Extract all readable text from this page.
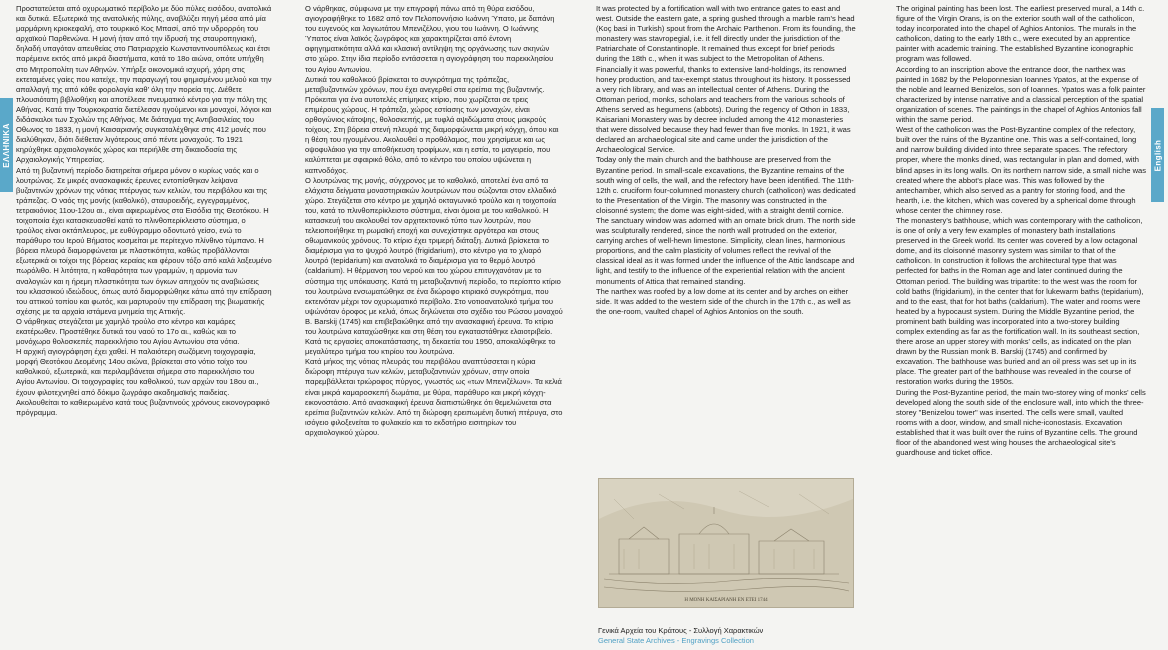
ΕΛΛΗΝΙΚΑ

Προστατεύεται από οχυρωματικό περίβολο με δύο πύλες εισόδου, ανατολικά και δυτικά. Εξωτερικά της ανατολικής πύλης, αναβλύζει πηγή μέσα από μία μαρμάρινη κριοκεφαλή, στο τουρκικό Κος Μπασί, από την υδρορρόη του αρχαϊκού Παρθενώνα. Η μονή ήταν από την ίδρυσή της σταυροπηγιακή, δηλαδή υπαγόταν απευθείας στο Πατριαρχείο Κωνσταντινουπόλεως και έτσι παρέμεινε εκτός από μικρά διαστήματα, κατά το 18ο αιώνα, οπότε υπήχθη στο Μητροπολίτη των Αθηνών. Υπήρξε οικονομικά ισχυρή, χάρη στις εκτεταμένες γαίες που κατείχε, την παραγωγή του φημισμένου μελιού και την απαλλαγή της από κάθε φορολογία καθ' όλη την πορεία της. Διέθετε πλουσιότατη βιβλιοθήκη και αποτέλεσε πνευματικό κέντρο για την πόλη της Αθήνας. Κατά την Τουρκοκρατία διετέλεσαν ηγούμενοι και μοναχοί, λόγιοι και διδάσκαλοι των Σχολών της Αθήνας. Με διάταγμα της Αντιβασιλείας του Οθωνος το 1833, η μονή Καισαριανής συγκαταλέχθηκε στις 412 μονές που διαλύθηκαν, διότι διέθεταν λιγότερους από πέντε μοναχούς. Το 1921 κηρύχθηκε αρχαιολογικός χώρος και περιήλθε στη δικαιοδοσία της Αρχαιολογικής Υπηρεσίας.

Από τη βυζαντινή περίοδο διατηρείται σήμερα μόνον ο κυρίως ναός και ο λουτρώνας. Σε μικρές ανασκαφικές έρευνες εντοπίσθηκαν λείψανα βυζαντινών χρόνων της νότιας πτέρυγας των κελιών, του περιβόλου και της τράπεζας. Ο ναός της μονής (καθολικό), σταυροειδής, εγγεγραμμένος, τετρακιόνιος 11ου-12ου αι., είναι αφιερωμένος στα Εισόδια της Θεοτόκου. Η τοιχοποιία έχει κατασκευασθεί κατά το πλινθοπερίκλειστο σύστημα, ο τρούλος είναι οκτάπλευρος, με ευθύγραμμο οδοντωτό γείσο, ενώ το παράθυρο του Ιερού Βήματος κοσμείται με περίτεχνο πλίνθινο τύμπανο. Η βόρεια πλευρά διαμορφώνεται με πλαστικότητα, καθώς προβάλλονται εξωτερικά οι τοίχοι της βόρειας κεραίας και φέρουν τόξο από καλά λαξευμένο πωρόλιθο. Η λιτότητα, η καθαρότητα των γραμμών, η αρμονία των αναλογιών και η ήρεμη πλαστικότητα των όγκων απηχούν τις αναβιώσεις του κλασσικού ιδεώδους, όπως αυτό διαμορφώθηκε κάτω από την επίδραση του αττικού τοπίου και φωτός, και μαρτυρούν την επίδραση της βιωματικής σχέσης με τα αρχαία ιστάμενα μνημεία της Αττικής.

Ο νάρθηκας στεγάζεται με χαμηλό τρούλο στο κέντρο και καμάρες εκατέρωθεν. Προστέθηκε δυτικά του ναού το 17ο αι., καθώς και το μονόχωρο θολοσκεπές παρεκκλήσιο του Αγίου Αντωνίου στα νότια.

Η αρχική αγιογράφηση έχει χαθεί. Η παλαιότερη σωζόμενη τοιχογραφία, μορφή Θεοτόκου Δεομένης 14ου αιώνα, βρίσκεται στο νότιο τοίχο του καθολικού, εξωτερικά, και περιλαμβάνεται σήμερα στο παρεκκλήσιο του Αγίου Αντωνίου. Οι τοιχογραφίες του καθολικού, των αρχών του 18ου αι., έχουν φιλοτεχνηθεί από δόκιμο ζωγράφο ακαδημαϊκής παιδείας. Ακολουθείται το καθιερωμένο κατά τους βυζαντινούς χρόνους εικονογραφικό πρόγραμμα.

Ο νάρθηκας, σύμφωνα με την επιγραφή πάνω από τη θύρα εισόδου, αγιογραφήθηκε το 1682 από τον Πελοποννήσιο Ιωάννη Ύπατο, με δαπάνη του ευγενούς και λογιωτάτου Μπενιζέλου, γιου του Ιωάννη. Ο Ιωάννης Ύπατος είναι λαϊκός ζωγράφος και χαρακτηρίζεται από έντονη αφηγηματικότητα αλλά και κλασική αντίληψη της οργάνωσης των σκηνών στο χώρο. Στην ίδια περίοδο εντάσσεται η αγιογράφηση του παρεκκλησίου του Αγίου Αντωνίου.

Δυτικά του καθολικού βρίσκεται το συγκρότημα της τράπεζας, μεταβυζαντινών χρόνων, που έχει ανεγερθεί στα ερείπια της βυζαντινής. Πρόκειται για ένα αυτοτελές επίμηκες κτίριο, που χωρίζεται σε τρεις επιμέρους χώρους. Η τράπεζα, χώρος εστίασης των μοναχών, είναι ορθογώνιος κάτοψης, θολοσκεπής, με τυφλά αψιδώματα στους μακρούς τοίχους. Στη βόρεια στενή πλευρά της διαμορφώνεται μικρή κόγχη, όπου και η θέση του ηγουμένου. Ακολουθεί ο προθάλαμος, που χρησίμευε και ως οψοφυλάκιο για την αποθήκευση τροφίμων, και η εστία, το μαγειρείο, που καλύπτεται με σφαιρικό θόλο, από το κέντρο του οποίου υψώνεται η καπνοδόχος.

Ο λουτρώνας της μονής, σύγχρονος με το καθολικό, αποτελεί ένα από τα ελάχιστα δείγματα μοναστηριακών λουτρώνων που σώζονται στον ελλαδικό χώρο. Στεγάζεται στο κέντρο με χαμηλό οκταγωνικό τρούλο και η τοιχοποιία του, κατά το πλινθοπερίκλειστο σύστημα, είναι όμοια με του καθολικού. Η κατασκευή του ακολουθεί τον αρχιτεκτονικό τύπο των λουτρών, που τελειοποιήθηκε τη ρωμαϊκή εποχή και συνεχίστηκε αργότερα και στους οθωμανικούς χρόνους. Το κτίριο έχει τριμερή διάταξη. Δυτικά βρίσκεται το διαμέρισμα για το ψυχρό λουτρό (frigidarium), στο κέντρο για το χλιαρό λουτρό (tepidarium) και ανατολικά το διαμέρισμα για το θερμό λουτρό (caldarium). Η θέρμανση του νερού και του χώρου επιτυγχανόταν με το σύστημα της υπόκαυσης. Κατά τη μεταβυζαντινή περίοδο, το περίοπτο κτίριο του λουτρώνα ενσωματώθηκε σε ένα διώροφο κτιριακό συγκρότημα, που εκτεινόταν μέχρι τον οχυρωματικό περίβολο. Στο νοτιοανατολικό τμήμα του υψώνόταν όροφος με κελιά, όπως δηλώνεται στο σχέδιο του Ρώσου μοναχού B. Barskij (1745) και επιβεβαιώθηκε από την ανασκαφική έρευνα. Το κτίριο του λουτρώνα καταχώσθηκε και στη θέση του εγκαταστάθηκε ελαιοτριβείο. Κατά τις εργασίες αποκατάστασης, τη δεκαετία του 1950, αποκαλύφθηκε το μεγαλύτερο τμήμα του κτιρίου του λουτρώνα.

Κατά μήκος της νότιας πλευράς του περιβόλου αναπτύσσεται η κύρια διώροφη πτέρυγα των κελιών, μεταβυζαντινών χρόνων, στην οποία παρεμβάλλεται τριώροφος πύργος, γνωστός ως «των Μπενιζέλων». Τα κελιά είναι μικρά καμαροσκεπή δωμάτια, με θύρα, παράθυρο και μικρή κόγχη-εικονοστάσιο. Από ανασκαφική έρευνα διαπιστώθηκε ότι θεμελιώνεται στα ερείπια βυζαντινών κελιών. Από τη διώροφη ερειπωμένη δυτική πτέρυγα, στο ισόγειο φιλοξενείται το φυλακείο και το εκδοτήριο εισιτηρίων του αρχαιολογικού χώρου.

It was protected by a fortification wall with two entrance gates to east and west. Outside the eastern gate, a spring gushed through a marble ram's head (Koç basi in Turkish) spout from the Archaic Parthenon. From its founding, the monastery was stavropegial, i.e. it fell directly under the jurisdiction of the Patriarchate of Constantinople. It remained thus except for brief periods during the 18th c., when it was subject to the Metropolitan of Athens. Financially it was powerful, thanks to extensive land-holdings, its renowned honey production, and tax-exempt status throughout its history. It possessed a very rich library, and was an intellectual center of Athens. During the Ottoman period, monks, scholars and teachers from the various schools of Athens served as hegumens (abbots). During the regency of Othon in 1833, Kaisariani Monastery was by decree included among the 412 monasteries that were dissolved because they had fewer than five monks. In 1921, it was declared an archaeological site and came under the jurisdiction of the Archaeological Service.

Today only the main church and the bathhouse are preserved from the Byzantine period. In small-scale excavations, the Byzantine remains of the south wing of cells, the wall, and the refectory have been identified. The 11th-12th c. cruciform four-columned monastery church (catholicon) was dedicated to the Presentation of the Virgin. The masonry was constructed in the cloisonné system; the dome was eight-sided, with a straight dentil cornice. The sanctuary window was adorned with an ornate brick drum. The north side was sculpturally rendered, since the north wall protruded on the exterior, carrying arches of well-hewn limestone. Simplicity, clean lines, harmonious proportions, and the calm plasticity of volumes reflect the revival of the classical ideal as it was formed under the influence of the Attic landscape and light, and testify to the influence of the experiential relation with the ancient monuments of Attica that remained standing.

The narthex was roofed by a low dome at its center and by arches on either side. It was added to the western side of the church in the 17th c., as well as the one-room, vaulted chapel of Aghios Antonios on the south.

Η ΜΟΝΗ ΚΑΙΣΑΡΙΑΝΗ ΕΝ ΕΤΕΙ 1744
Γενικά Αρχεία του Κράτους - Συλλογή Χαρακτικών
General State Archives - Engravings Collection

The original painting has been lost. The earliest preserved mural, a 14th c. figure of the Virgin Orans, is on the exterior south wall of the catholicon, today incorporated into the chapel of Aghios Antonios. The murals in the catholicon, dating to the early 18th c., were executed by an apprentice painter with academic training. The established Byzantine iconographic program was followed.

According to an inscription above the entrance door, the narthex was painted in 1682 by the Peloponnesian Ioannes Ypatos, at the expense of the noble and learned Benizelos, son of Ioannes. Ypatos was a folk painter characterized by intense narrative and a classical perception of the spatial organization of scenes. The paintings in the chapel of Aghios Antonios fall within the same period.

West of the catholicon was the Post-Byzantine complex of the refectory, built over the ruins of the Byzantine one. This was a self-contained, long and narrow building divided into three separate spaces. The refectory proper, where the monks dined, was rectangular in plan and domed, with blind apses in its long walls. On its northern narrow side, a small niche was created where the abbot's place was. This was followed by the antechamber, which also served as a pantry for storing food, and the hearth, i.e. the kitchen, which was covered by a spherical dome through whose center the chimney rose.

The monastery's bathhouse, which was contemporary with the catholicon, is one of only a very few examples of monastery bath installations preserved in the Greek world. Its center was covered by a low octagonal dome, and its cloisonné masonry system was similar to that of the catholicon. In construction it follows the architectural type that was perfected for baths in the Roman age and later continued during the Ottoman period. The building was tripartite: to the west was the room for cold baths (frigidarium), in the center that for lukewarm baths (tepidarium), and to the east, that for hot baths (caldarium). The water and rooms were heated by a hypocaust system. During the Middle Byzantine period, the prominent bath building was incorporated into a two-storey building complex extending as far as the fortification wall. In its southeast section, there arose an upper storey with monks' cells, as indicated on the plan drawn by the Russian monk B. Barskij (1745) and confirmed by excavation. The bathhouse was buried and an oil press was set up in its place. The greater part of the bathhouse was revealed in the course of restoration works during the 1950s.

During the Post-Byzantine period, the main two-storey wing of monks' cells developed along the south side of the enclosure wall, into which the three-storey "Benizelou tower" was inserted. The cells were small, vaulted rooms with a door, window, and small niche-iconostasis. Excavation established that it was built over the ruins of Byzantine cells. The ground floor of the abandoned west wing houses the archaeological site's guardhouse and ticket office.

English
